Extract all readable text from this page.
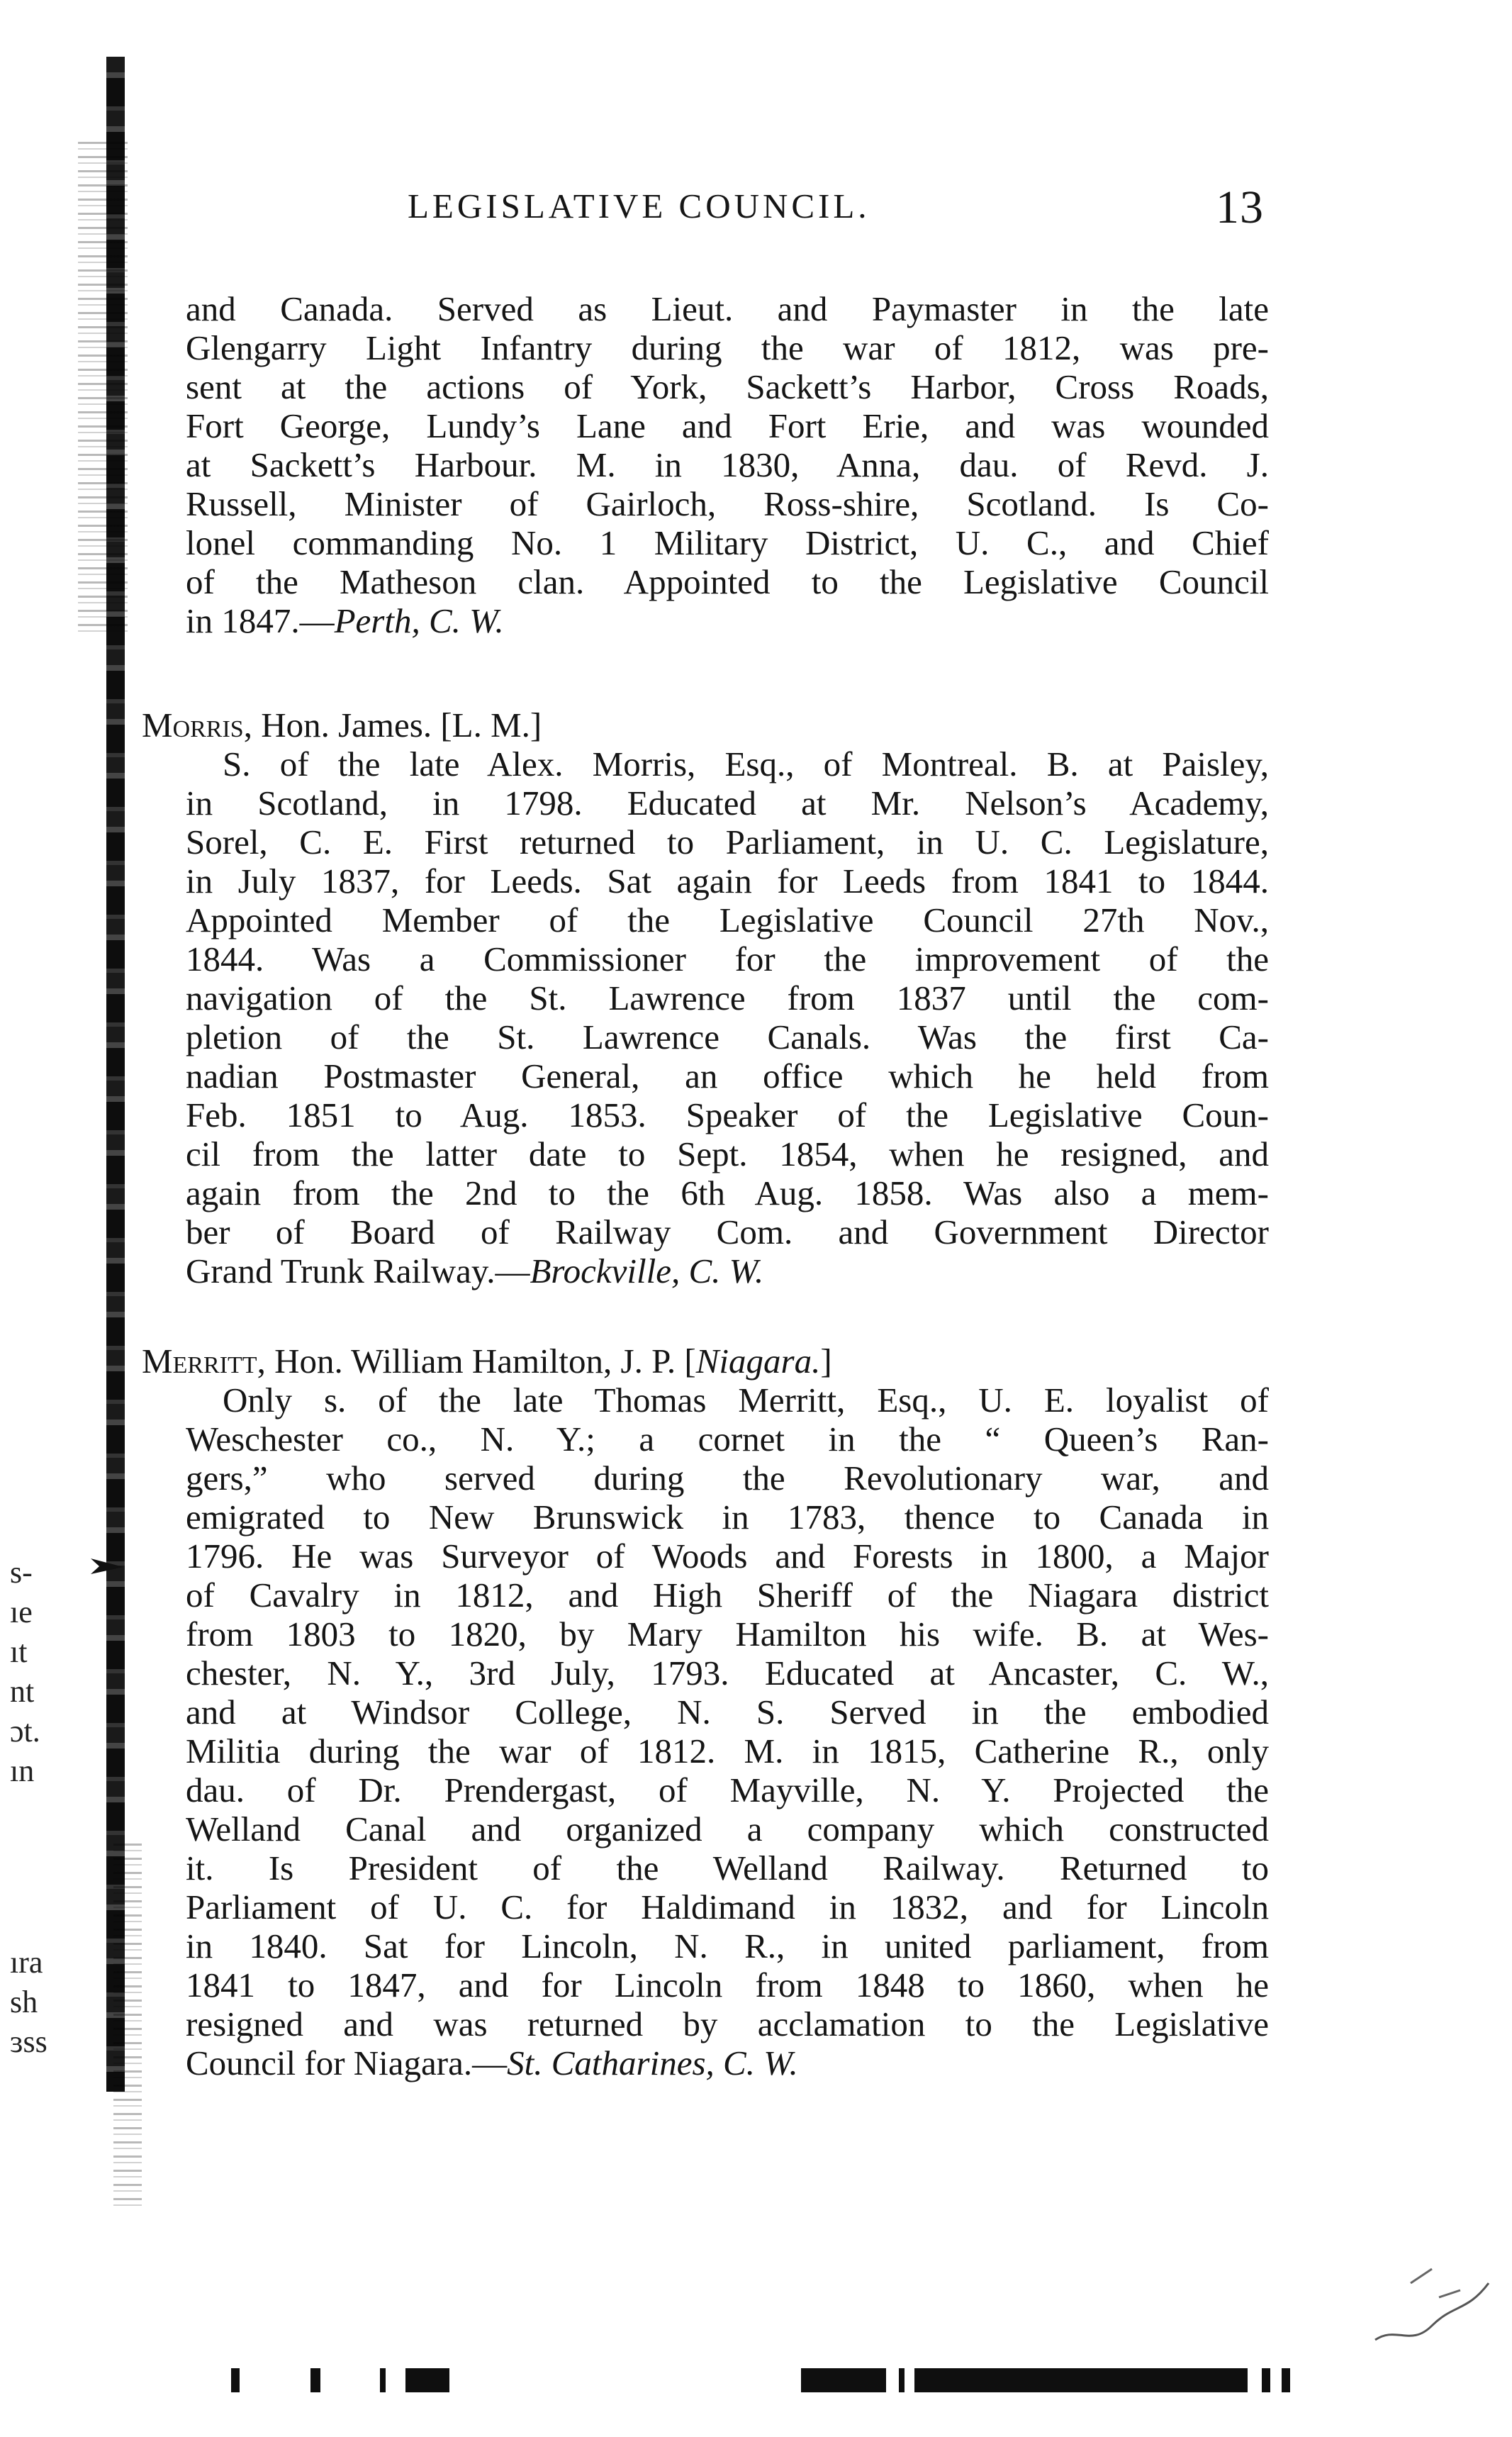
s-
ıe
ıt
nt
ɔt.
ın
ıra
sh
ɜss
LEGISLATIVE COUNCIL.	13
and Canada. Served as Lieut. and Paymaster in the late
Glengarry Light Infantry during the war of 1812, was pre-
sent at the actions of York, Sackett’s Harbor, Cross Roads,
Fort George, Lundy’s Lane and Fort Erie, and was wounded
at Sackett’s Harbour. M. in 1830, Anna, dau. of Revd. J.
Russell, Minister of Gairloch, Ross-shire, Scotland. Is Co-
lonel commanding No. 1 Military District, U. C., and Chief
of the Matheson clan. Appointed to the Legislative Council
in 1847.—Perth, C. W.
Morris, Hon. James. [L. M.]
S. of the late Alex. Morris, Esq., of Montreal. B. at Paisley,
in Scotland, in 1798. Educated at Mr. Nelson’s Academy,
Sorel, C. E. First returned to Parliament, in U. C. Legislature,
in July 1837, for Leeds. Sat again for Leeds from 1841 to 1844.
Appointed Member of the Legislative Council 27th Nov.,
1844. Was a Commissioner for the improvement of the
navigation of the St. Lawrence from 1837 until the com-
pletion of the St. Lawrence Canals. Was the first Ca-
nadian Postmaster General, an office which he held from
Feb. 1851 to Aug. 1853. Speaker of the Legislative Coun-
cil from the latter date to Sept. 1854, when he resigned, and
again from the 2nd to the 6th Aug. 1858. Was also a mem-
ber of Board of Railway Com. and Government Director
Grand Trunk Railway.—Brockville, C. W.
Merritt, Hon. William Hamilton, J. P. [Niagara.]
Only s. of the late Thomas Merritt, Esq., U. E. loyalist of
Weschester co., N. Y.; a cornet in the “ Queen’s Ran-
gers,” who served during the Revolutionary war, and
emigrated to New Brunswick in 1783, thence to Canada in
1796. He was Surveyor of Woods and Forests in 1800, a Major
of Cavalry in 1812, and High Sheriff of the Niagara district
from 1803 to 1820, by Mary Hamilton his wife. B. at Wes-
chester, N. Y., 3rd July, 1793. Educated at Ancaster, C. W.,
and at Windsor College, N. S. Served in the embodied
Militia during the war of 1812. M. in 1815, Catherine R., only
dau. of Dr. Prendergast, of Mayville, N. Y. Projected the
Welland Canal and organized a company which constructed
it. Is President of the Welland Railway. Returned to
Parliament of U. C. for Haldimand in 1832, and for Lincoln
in 1840. Sat for Lincoln, N. R., in united parliament, from
1841 to 1847, and for Lincoln from 1848 to 1860, when he
resigned and was returned by acclamation to the Legislative
Council for Niagara.—St. Catharines, C. W.
